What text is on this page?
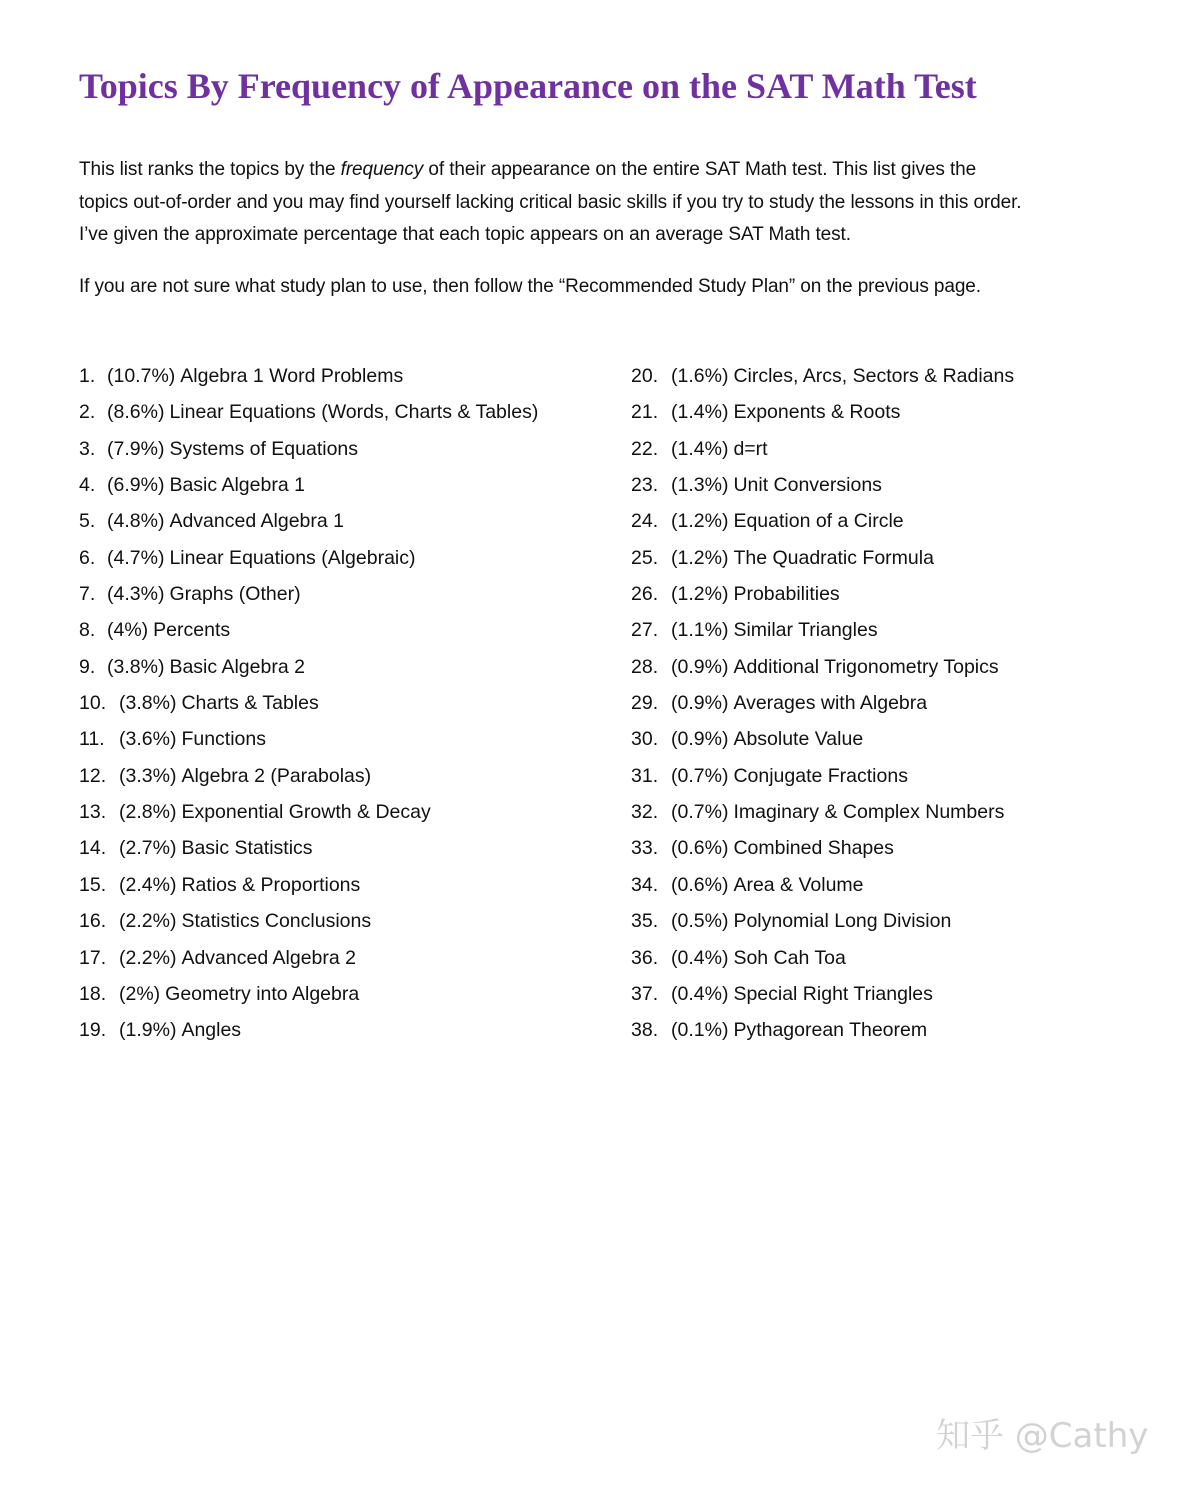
Topics By Frequency of Appearance on the SAT Math Test

This list ranks the topics by the frequency of their appearance on the entire SAT Math test. This list gives the
topics out-of-order and you may find yourself lacking critical basic skills if you try to study the lessons in this order.
I’ve given the approximate percentage that each topic appears on an average SAT Math test.

If you are not sure what study plan to use, then follow the “Recommended Study Plan” on the previous page.

1. (10.7%) Algebra 1 Word Problems
2. (8.6%) Linear Equations (Words, Charts & Tables)
3. (7.9%) Systems of Equations
4. (6.9%) Basic Algebra 1
5. (4.8%) Advanced Algebra 1
6. (4.7%) Linear Equations (Algebraic)
7. (4.3%) Graphs (Other)
8. (4%) Percents
9. (3.8%) Basic Algebra 2
10. (3.8%) Charts & Tables
11. (3.6%) Functions
12. (3.3%) Algebra 2 (Parabolas)
13. (2.8%) Exponential Growth & Decay
14. (2.7%) Basic Statistics
15. (2.4%) Ratios & Proportions
16. (2.2%) Statistics Conclusions
17. (2.2%) Advanced Algebra 2
18. (2%) Geometry into Algebra
19. (1.9%) Angles
20. (1.6%) Circles, Arcs, Sectors & Radians
21. (1.4%) Exponents & Roots
22. (1.4%) d=rt
23. (1.3%) Unit Conversions
24. (1.2%) Equation of a Circle
25. (1.2%) The Quadratic Formula
26. (1.2%) Probabilities
27. (1.1%) Similar Triangles
28. (0.9%) Additional Trigonometry Topics
29. (0.9%) Averages with Algebra
30. (0.9%) Absolute Value
31. (0.7%) Conjugate Fractions
32. (0.7%) Imaginary & Complex Numbers
33. (0.6%) Combined Shapes
34. (0.6%) Area & Volume
35. (0.5%) Polynomial Long Division
36. (0.4%) Soh Cah Toa
37. (0.4%) Special Right Triangles
38. (0.1%) Pythagorean Theorem
知乎 @Cathy
